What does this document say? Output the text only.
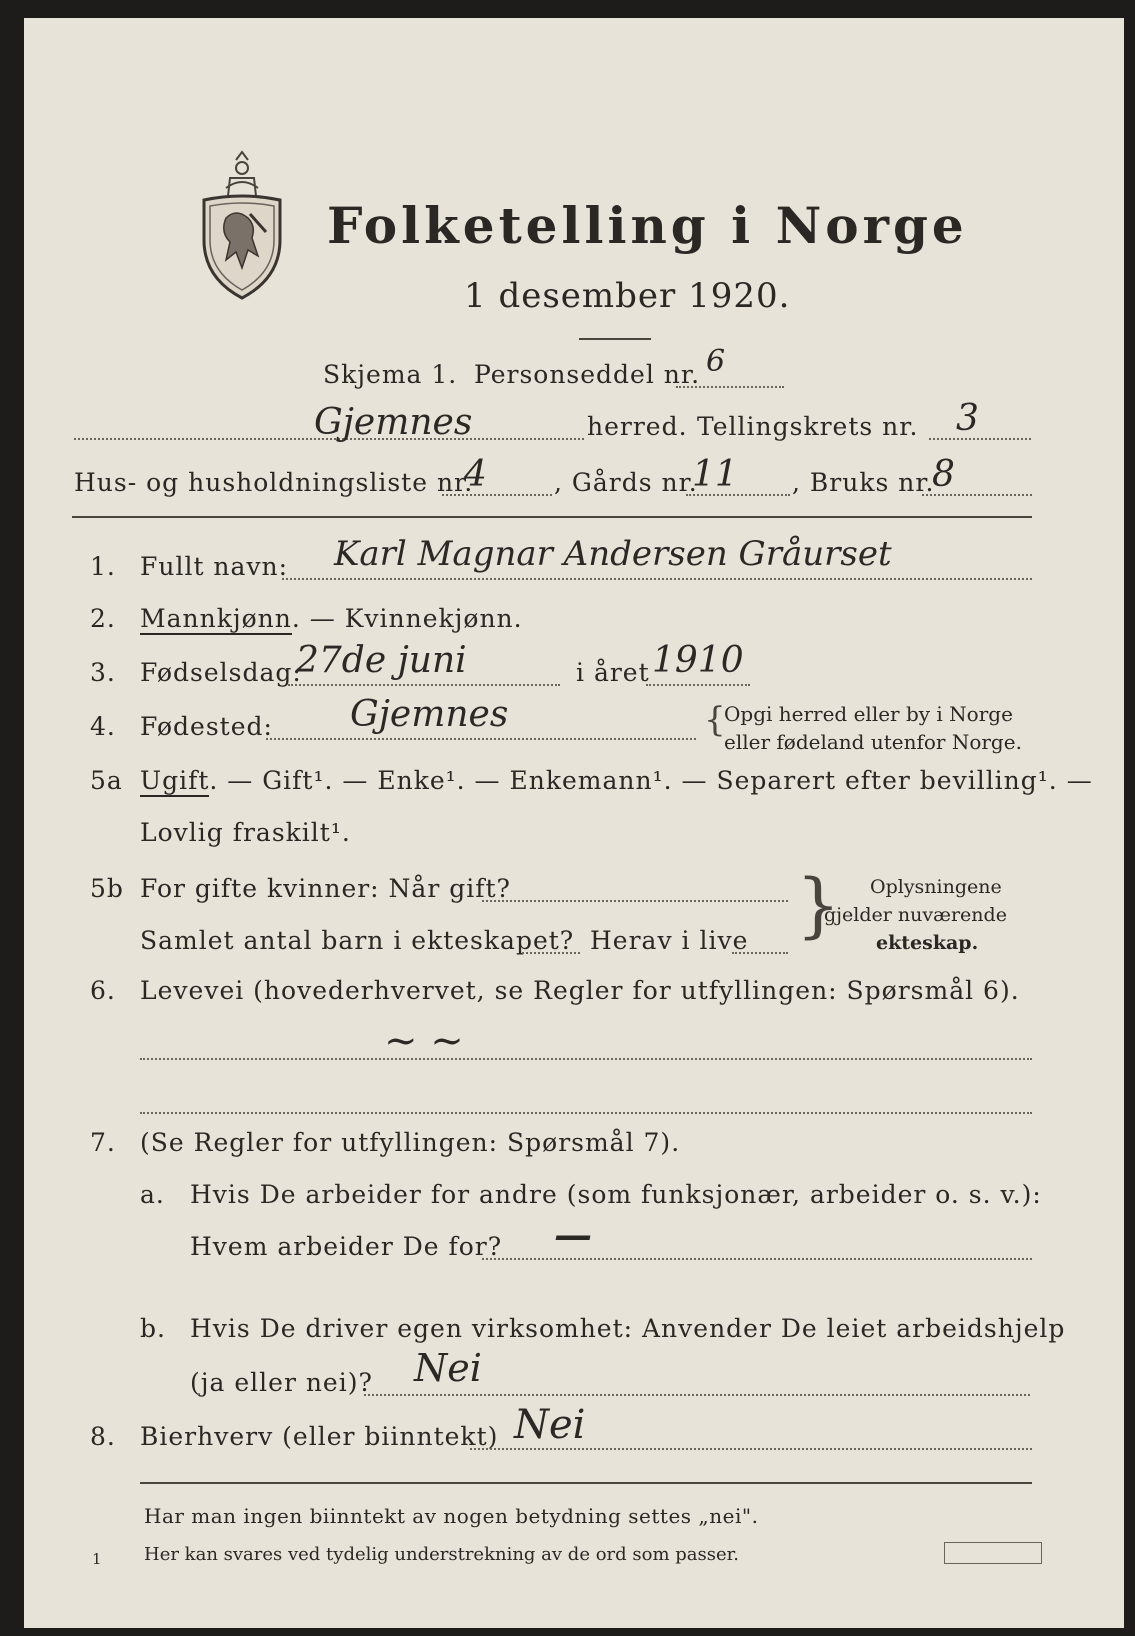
⠀⠀⠀⠀⠀⠀⠀⠀⠀⠀⠀⠀⠀
Folketelling i Norge
1 desember 1920.
Skjema 1. Personseddel nr. 6
Gjemnes	herred. Tellingskrets nr. 3
Hus- og husholdningsliste nr.
4	, Gårds nr.
11 , Bruks nr.
8
1. Fullt navn: Karl Magnar Andersen Gråurset
2. Mannkjønn. — Kvinnekjønn.
3. Fødselsdag:
27de juni	i året 1910
4. Fødested: Gjemnes	{
Opgi herred eller by i Norge
eller fødeland utenfor Norge.
5a Ugift. — Gift¹. — Enke¹. — Enkemann¹. — Separert efter bevilling¹. —
Lovlig fraskilt¹.
5b For gifte kvinner: Når gift?
Samlet antal barn i ekteskapet? Herav i live } Oplysningene
gjelder nuværende
ekteskap.
6. Levevei (hovederhvervet, se Regler for utfyllingen: Spørsmål 6).
~ ~
7. (Se Regler for utfyllingen: Spørsmål 7).
a. Hvis De arbeider for andre (som funksjonær, arbeider o. s. v.):
Hvem arbeider De for? —
b. Hvis De driver egen virksomhet: Anvender De leiet arbeidshjelp
(ja eller nei)? Nei
8. Bierhverv (eller biinntekt) Nei
Har man ingen biinntekt av nogen betydning settes „nei".
1 Her kan svares ved tydelig understrekning av de ord som passer.
